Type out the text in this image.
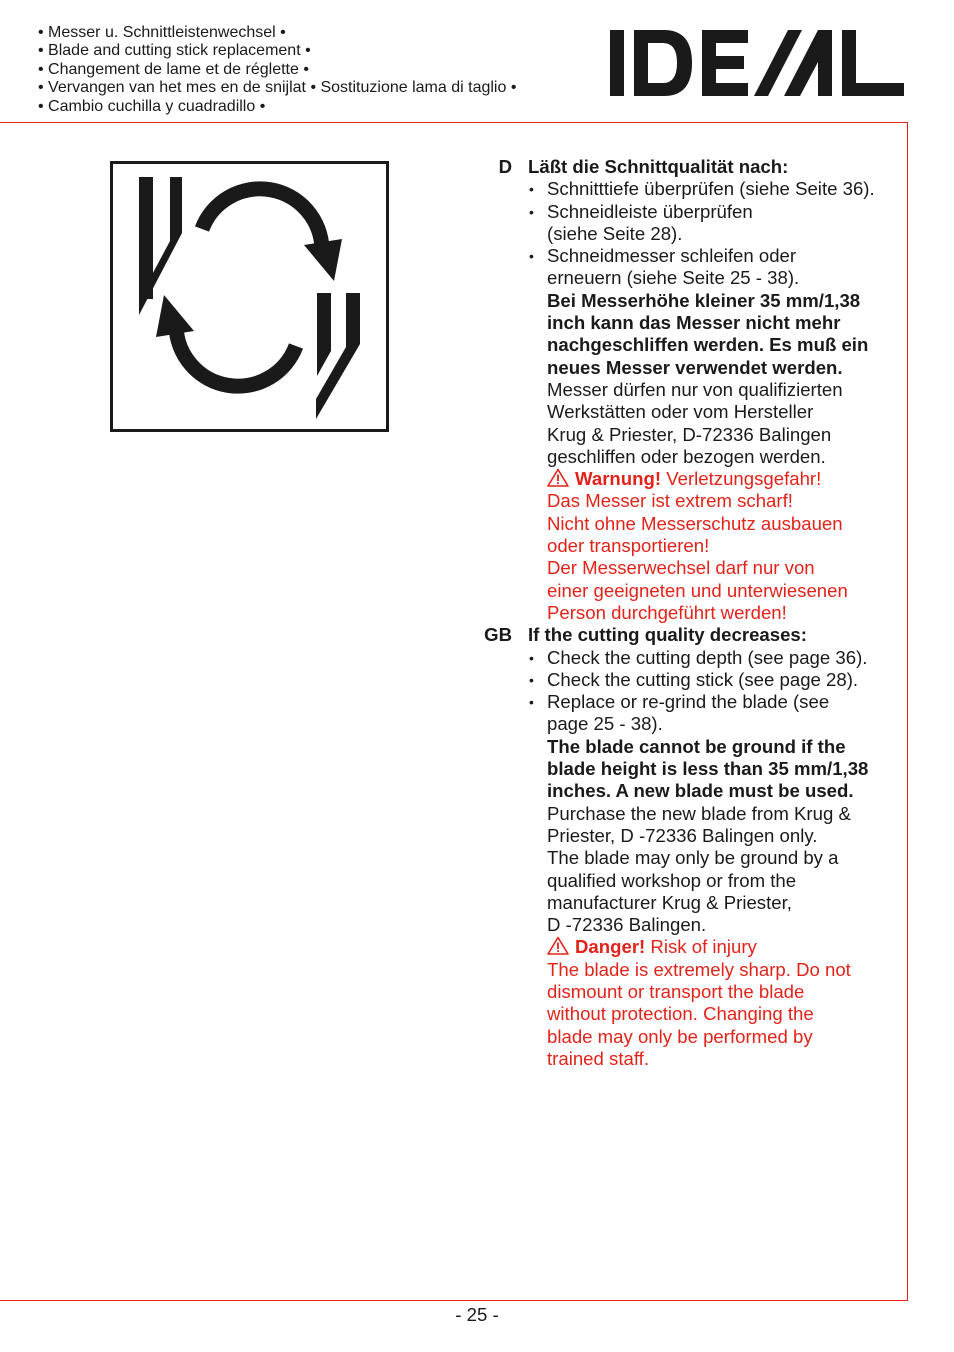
• Messer u. Schnittleistenwechsel •
• Blade and cutting stick replacement •
• Changement de lame et de réglette •
• Vervangen van het mes en de snijlat • Sostituzione lama di taglio •
• Cambio cuchilla y cuadradillo •
D Läßt die Schnittqualität nach:
• Schnitttiefe überprüfen (siehe Seite 36).
• Schneidleiste überprüfen
(siehe Seite 28).
• Schneidmesser schleifen oder
erneuern (siehe Seite 25 - 38).
Bei Messerhöhe kleiner 35 mm/1,38
inch kann das Messer nicht mehr
nachgeschliffen werden. Es muß ein
neues Messer verwendet werden.
Messer dürfen nur von qualifizierten
Werkstätten oder vom Hersteller
Krug & Priester, D-72336 Balingen
geschliffen oder bezogen werden.
Warnung! Verletzungsgefahr!
Das Messer ist extrem scharf!
Nicht ohne Messerschutz ausbauen
oder transportieren!
Der Messerwechsel darf nur von
einer geeigneten und unterwiesenen
Person durchgeführt werden!
GB If the cutting quality decreases:
• Check the cutting depth (see page 36).
• Check the cutting stick (see page 28).
• Replace or re-grind the blade (see
page 25 - 38).
The blade cannot be ground if the
blade height is less than 35 mm/1,38
inches. A new blade must be used.
Purchase the new blade from Krug &
Priester, D -72336 Balingen only.
The blade may only be ground by a
qualified workshop or from the
manufacturer Krug & Priester,
D -72336 Balingen.
Danger! Risk of injury
The blade is extremely sharp. Do not
dismount or transport the blade
without protection. Changing the
blade may only be performed by
trained staff.
- 25 -
